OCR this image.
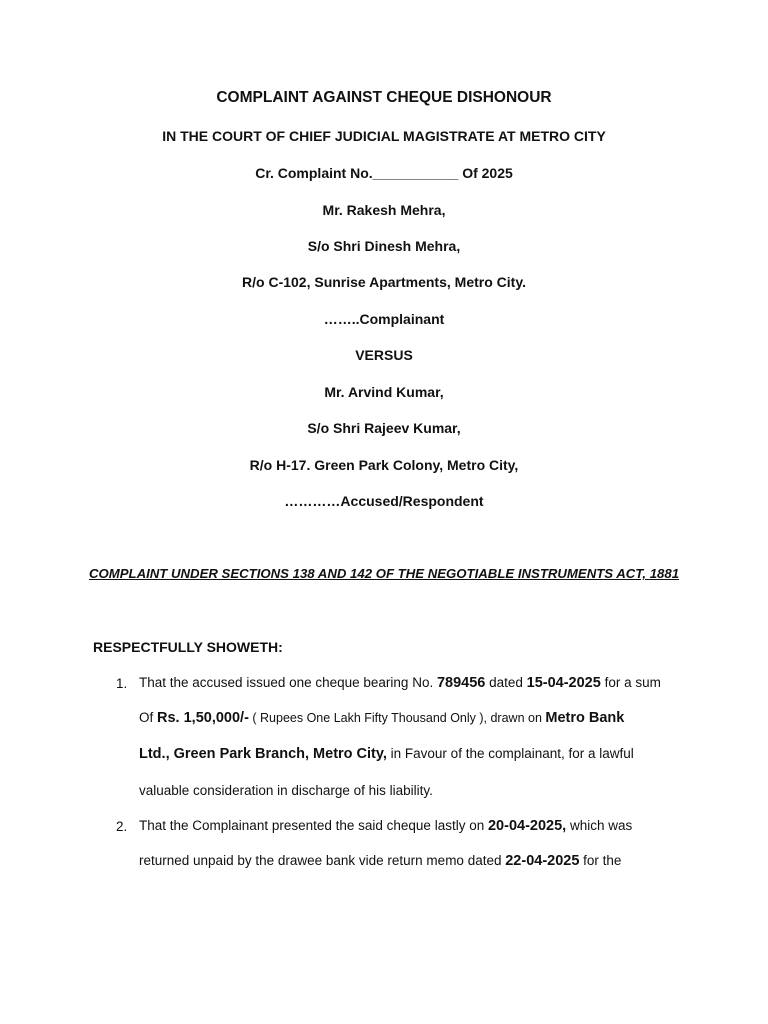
COMPLAINT AGAINST CHEQUE DISHONOUR
IN THE COURT OF CHIEF JUDICIAL MAGISTRATE AT METRO CITY
Cr. Complaint No.___________ Of 2025
Mr. Rakesh Mehra,
S/o Shri Dinesh Mehra,
R/o C-102, Sunrise Apartments, Metro City.
……..Complainant
VERSUS
Mr. Arvind Kumar,
S/o Shri Rajeev Kumar,
R/o H-17. Green Park Colony, Metro City,
…………Accused/Respondent
COMPLAINT UNDER SECTIONS 138 AND 142 OF THE NEGOTIABLE INSTRUMENTS ACT, 1881
RESPECTFULLY SHOWETH:
1. That the accused issued one cheque bearing No. 789456 dated 15-04-2025 for a sum
Of Rs. 1,50,000/- ( Rupees One Lakh Fifty Thousand Only ), drawn on Metro Bank
Ltd., Green Park Branch, Metro City, in Favour of the complainant, for a lawful
valuable consideration in discharge of his liability.
2. That the Complainant presented the said cheque lastly on 20-04-2025, which was
returned unpaid by the drawee bank vide return memo dated 22-04-2025 for the
